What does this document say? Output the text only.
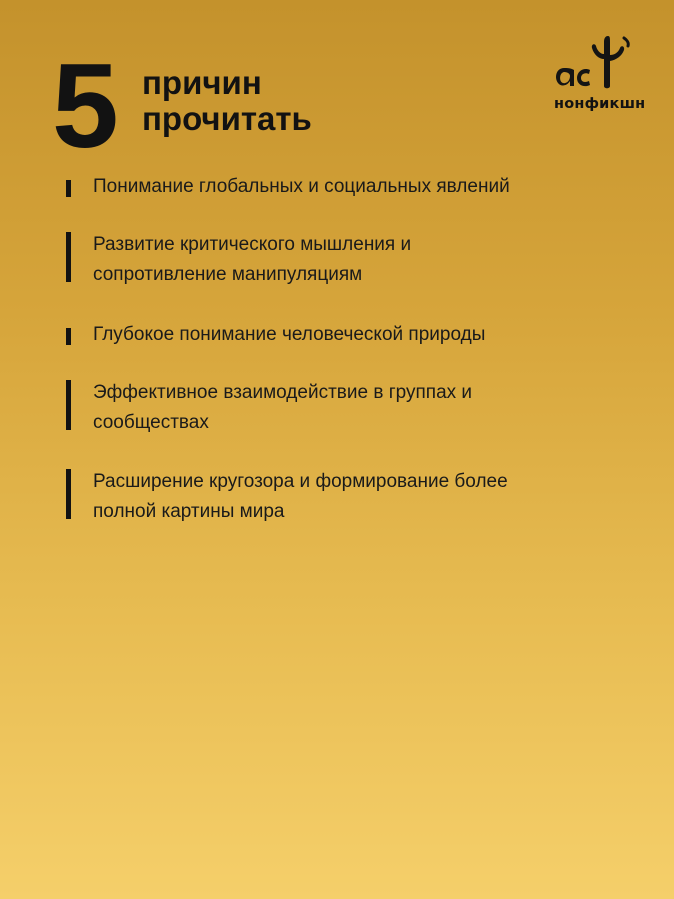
5 причин
прочитать	нонфикшн
Понимание глобальных и социальных явлений
Развитие критического мышления и
сопротивление манипуляциям
Глубокое понимание человеческой природы
Эффективное взаимодействие в группах и
сообществах
Расширение кругозора и формирование более
полной картины мира
